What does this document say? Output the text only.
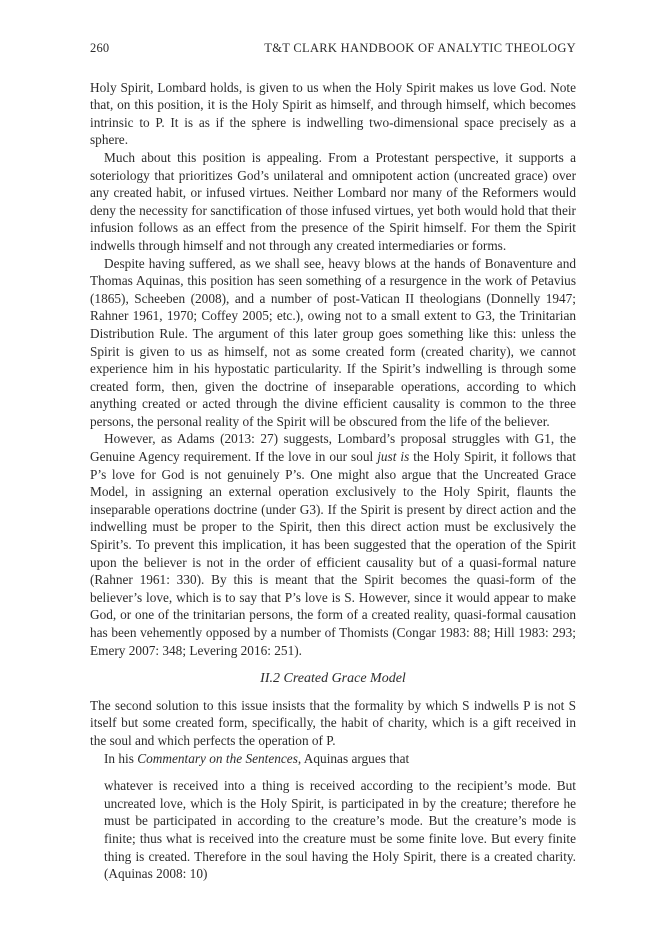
260	T&T CLARK HANDBOOK OF ANALYTIC THEOLOGY

Holy Spirit, Lombard holds, is given to us when the Holy Spirit makes us love God. Note that, on this position, it is the Holy Spirit as himself, and through himself, which becomes intrinsic to P. It is as if the sphere is indwelling two-dimensional space precisely as a sphere.

Much about this position is appealing. From a Protestant perspective, it supports a soteriology that prioritizes God’s unilateral and omnipotent action (uncreated grace) over any created habit, or infused virtues. Neither Lombard nor many of the Reformers would deny the necessity for sanctification of those infused virtues, yet both would hold that their infusion follows as an effect from the presence of the Spirit himself. For them the Spirit indwells through himself and not through any created intermediaries or forms.

Despite having suffered, as we shall see, heavy blows at the hands of Bonaventure and Thomas Aquinas, this position has seen something of a resurgence in the work of Petavius (1865), Scheeben (2008), and a number of post-Vatican II theologians (Donnelly 1947; Rahner 1961, 1970; Coffey 2005; etc.), owing not to a small extent to G3, the Trinitarian Distribution Rule. The argument of this later group goes something like this: unless the Spirit is given to us as himself, not as some created form (created charity), we cannot experience him in his hypostatic particularity. If the Spirit’s indwelling is through some created form, then, given the doctrine of inseparable operations, according to which anything created or acted through the divine efficient causality is common to the three persons, the personal reality of the Spirit will be obscured from the life of the believer.

However, as Adams (2013: 27) suggests, Lombard’s proposal struggles with G1, the Genuine Agency requirement. If the love in our soul just is the Holy Spirit, it follows that P’s love for God is not genuinely P’s. One might also argue that the Uncreated Grace Model, in assigning an external operation exclusively to the Holy Spirit, flaunts the inseparable operations doctrine (under G3). If the Spirit is present by direct action and the indwelling must be proper to the Spirit, then this direct action must be exclusively the Spirit’s. To prevent this implication, it has been suggested that the operation of the Spirit upon the believer is not in the order of efficient causality but of a quasi-formal nature (Rahner 1961: 330). By this is meant that the Spirit becomes the quasi-form of the believer’s love, which is to say that P’s love is S. However, since it would appear to make God, or one of the trinitarian persons, the form of a created reality, quasi-formal causation has been vehemently opposed by a number of Thomists (Congar 1983: 88; Hill 1983: 293; Emery 2007: 348; Levering 2016: 251).

II.2 Created Grace Model

The second solution to this issue insists that the formality by which S indwells P is not S itself but some created form, specifically, the habit of charity, which is a gift received in the soul and which perfects the operation of P.

In his Commentary on the Sentences, Aquinas argues that

whatever is received into a thing is received according to the recipient’s mode. But uncreated love, which is the Holy Spirit, is participated in by the creature; therefore he must be participated in according to the creature’s mode. But the creature’s mode is finite; thus what is received into the creature must be some finite love. But every finite thing is created. Therefore in the soul having the Holy Spirit, there is a created charity. (Aquinas 2008: 10)
